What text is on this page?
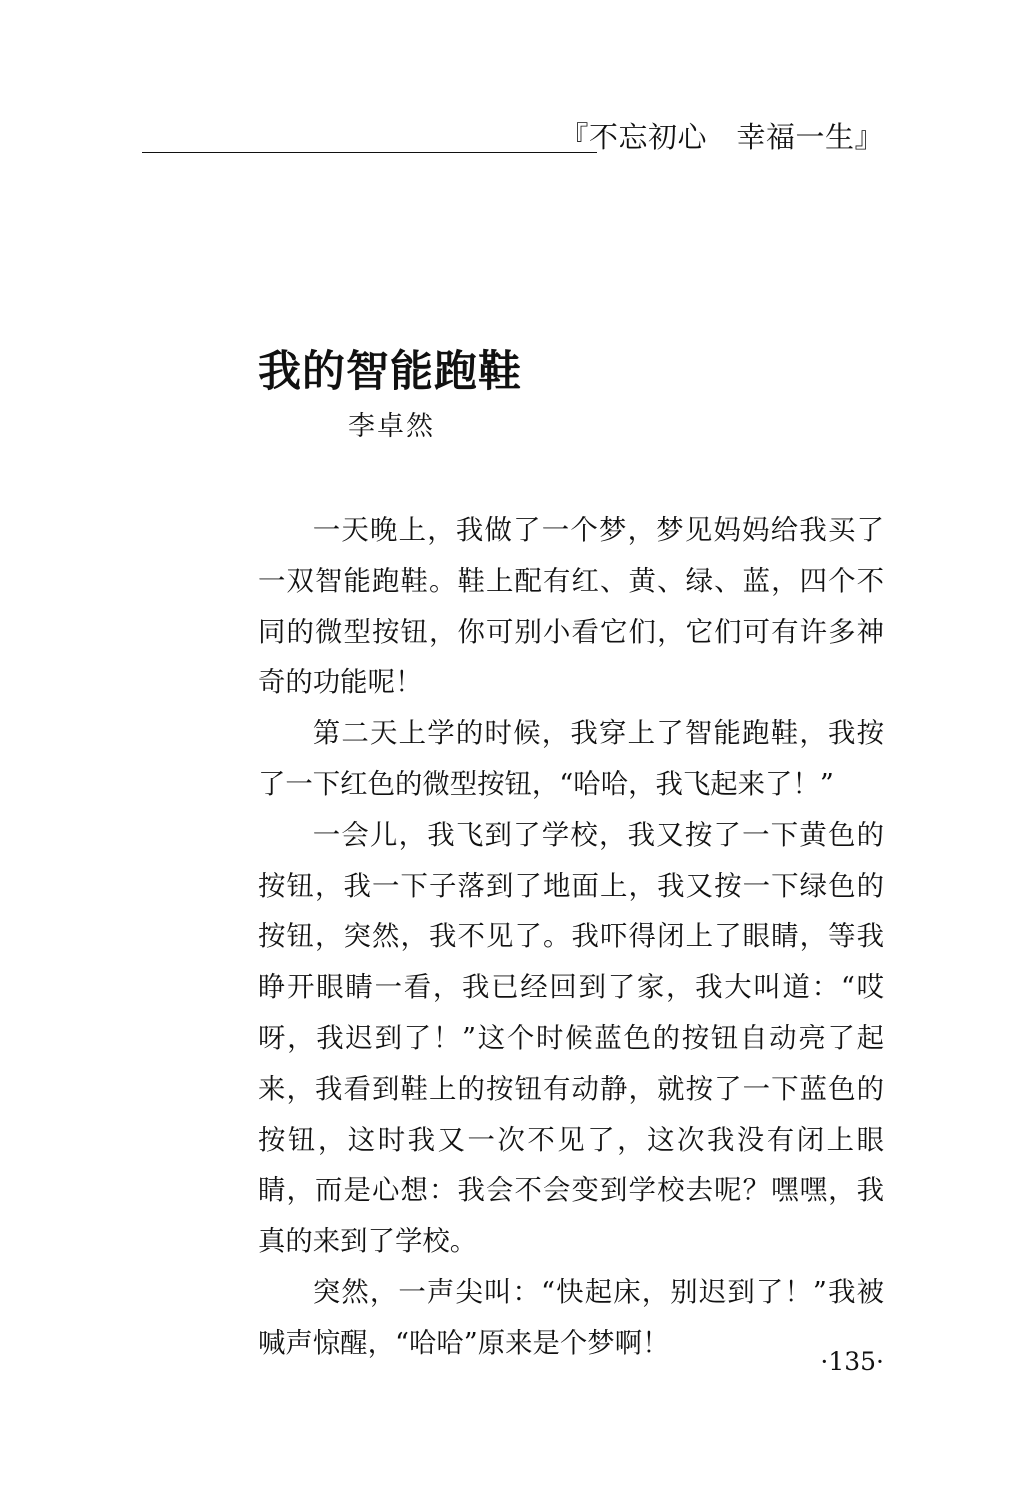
『不忘初心　幸福一生』
我的智能跑鞋
李卓然

一天晚上，我做了一个梦，梦见妈妈给我买了一双智能跑鞋。鞋上配有红、黄、绿、蓝，四个不同的微型按钮，你可别小看它们，它们可有许多神奇的功能呢！

第二天上学的时候，我穿上了智能跑鞋，我按了一下红色的微型按钮，“哈哈，我飞起来了！”

一会儿，我飞到了学校，我又按了一下黄色的按钮，我一下子落到了地面上，我又按一下绿色的按钮，突然，我不见了。我吓得闭上了眼睛，等我睁开眼睛一看，我已经回到了家，我大叫道：“哎呀，我迟到了！”这个时候蓝色的按钮自动亮了起来，我看到鞋上的按钮有动静，就按了一下蓝色的按钮，这时我又一次不见了，这次我没有闭上眼睛，而是心想：我会不会变到学校去呢？嘿嘿，我真的来到了学校。

突然，一声尖叫：“快起床，别迟到了！”我被喊声惊醒，“哈哈”原来是个梦啊！

·135·
